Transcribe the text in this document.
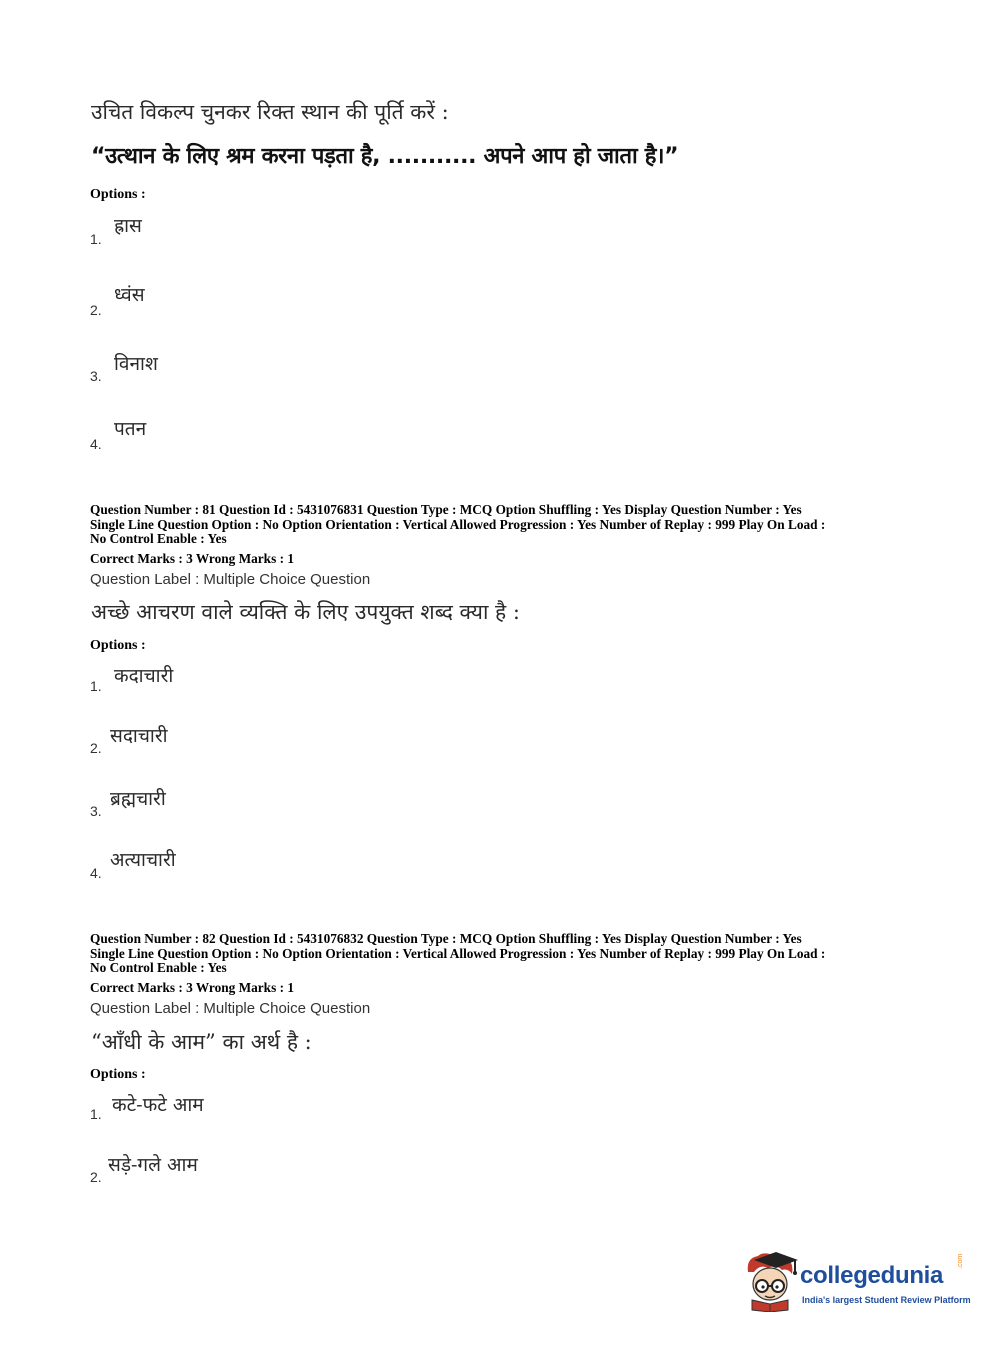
उचित विकल्प चुनकर रिक्त स्थान की पूर्ति करें :
“उत्थान के लिए श्रम करना पड़ता है, ........... अपने आप हो जाता है।”
Options :
1.
ह्रास
2.
ध्वंस
3.
विनाश
4.
पतन
Question Number : 81 Question Id : 5431076831 Question Type : MCQ Option Shuffling : Yes Display Question Number : Yes
Single Line Question Option : No Option Orientation : Vertical Allowed Progression : Yes Number of Replay : 999 Play On Load :
No Control Enable : Yes
Correct Marks : 3 Wrong Marks : 1
Question Label : Multiple Choice Question
अच्छे आचरण वाले व्यक्ति के लिए उपयुक्त शब्द क्या है :
Options :
1. कदाचारी
2.
सदाचारी
3.
ब्रह्मचारी
4.
अत्याचारी
Question Number : 82 Question Id : 5431076832 Question Type : MCQ Option Shuffling : Yes Display Question Number : Yes
Single Line Question Option : No Option Orientation : Vertical Allowed Progression : Yes Number of Replay : 999 Play On Load :
No Control Enable : Yes
Correct Marks : 3 Wrong Marks : 1
Question Label : Multiple Choice Question
“आँधी के आम” का अर्थ है :
Options :
1. कटे-फटे आम
2.
सड़े-गले आम
collegedunia
.com
India's largest Student Review Platform
